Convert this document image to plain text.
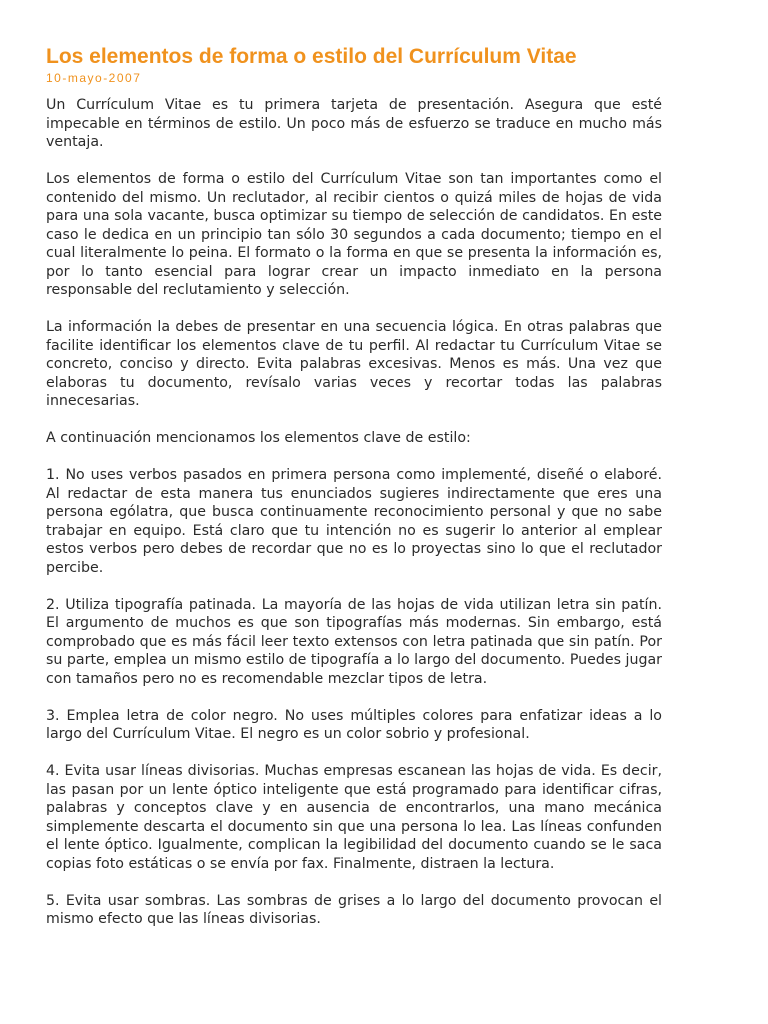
Los elementos de forma o estilo del Currículum Vitae
10-mayo-2007

Un Currículum Vitae es tu primera tarjeta de presentación. Asegura que esté impecable en términos de estilo. Un poco más de esfuerzo se traduce en mucho más ventaja.

Los elementos de forma o estilo del Currículum Vitae son tan importantes como el contenido del mismo. Un reclutador, al recibir cientos o quizá miles de hojas de vida para una sola vacante, busca optimizar su tiempo de selección de candidatos. En este caso le dedica en un principio tan sólo 30 segundos a cada documento; tiempo en el cual literalmente lo peina. El formato o la forma en que se presenta la información es, por lo tanto esencial para lograr crear un impacto inmediato en la persona responsable del reclutamiento y selección.

La información la debes de presentar en una secuencia lógica. En otras palabras que facilite identificar los elementos clave de tu perfil. Al redactar tu Currículum Vitae se concreto, conciso y directo. Evita palabras excesivas. Menos es más. Una vez que elaboras tu documento, revísalo varias veces y recortar todas las palabras innecesarias.

A continuación mencionamos los elementos clave de estilo:

1. No uses verbos pasados en primera persona como implementé, diseñé o elaboré. Al redactar de esta manera tus enunciados sugieres indirectamente que eres una persona ególatra, que busca continuamente reconocimiento personal y que no sabe trabajar en equipo. Está claro que tu intención no es sugerir lo anterior al emplear estos verbos pero debes de recordar que no es lo proyectas sino lo que el reclutador percibe.

2. Utiliza tipografía patinada. La mayoría de las hojas de vida utilizan letra sin patín. El argumento de muchos es que son tipografías más modernas. Sin embargo, está comprobado que es más fácil leer texto extensos con letra patinada que sin patín. Por su parte, emplea un mismo estilo de tipografía a lo largo del documento. Puedes jugar con tamaños pero no es recomendable mezclar tipos de letra.

3. Emplea letra de color negro. No uses múltiples colores para enfatizar ideas a lo largo del Currículum Vitae. El negro es un color sobrio y profesional.

4. Evita usar líneas divisorias. Muchas empresas escanean las hojas de vida. Es decir, las pasan por un lente óptico inteligente que está programado para identificar cifras, palabras y conceptos clave y en ausencia de encontrarlos, una mano mecánica simplemente descarta el documento sin que una persona lo lea. Las líneas confunden el lente óptico. Igualmente, complican la legibilidad del documento cuando se le saca copias foto estáticas o se envía por fax. Finalmente, distraen la lectura.

5. Evita usar sombras. Las sombras de grises a lo largo del documento provocan el mismo efecto que las líneas divisorias.
